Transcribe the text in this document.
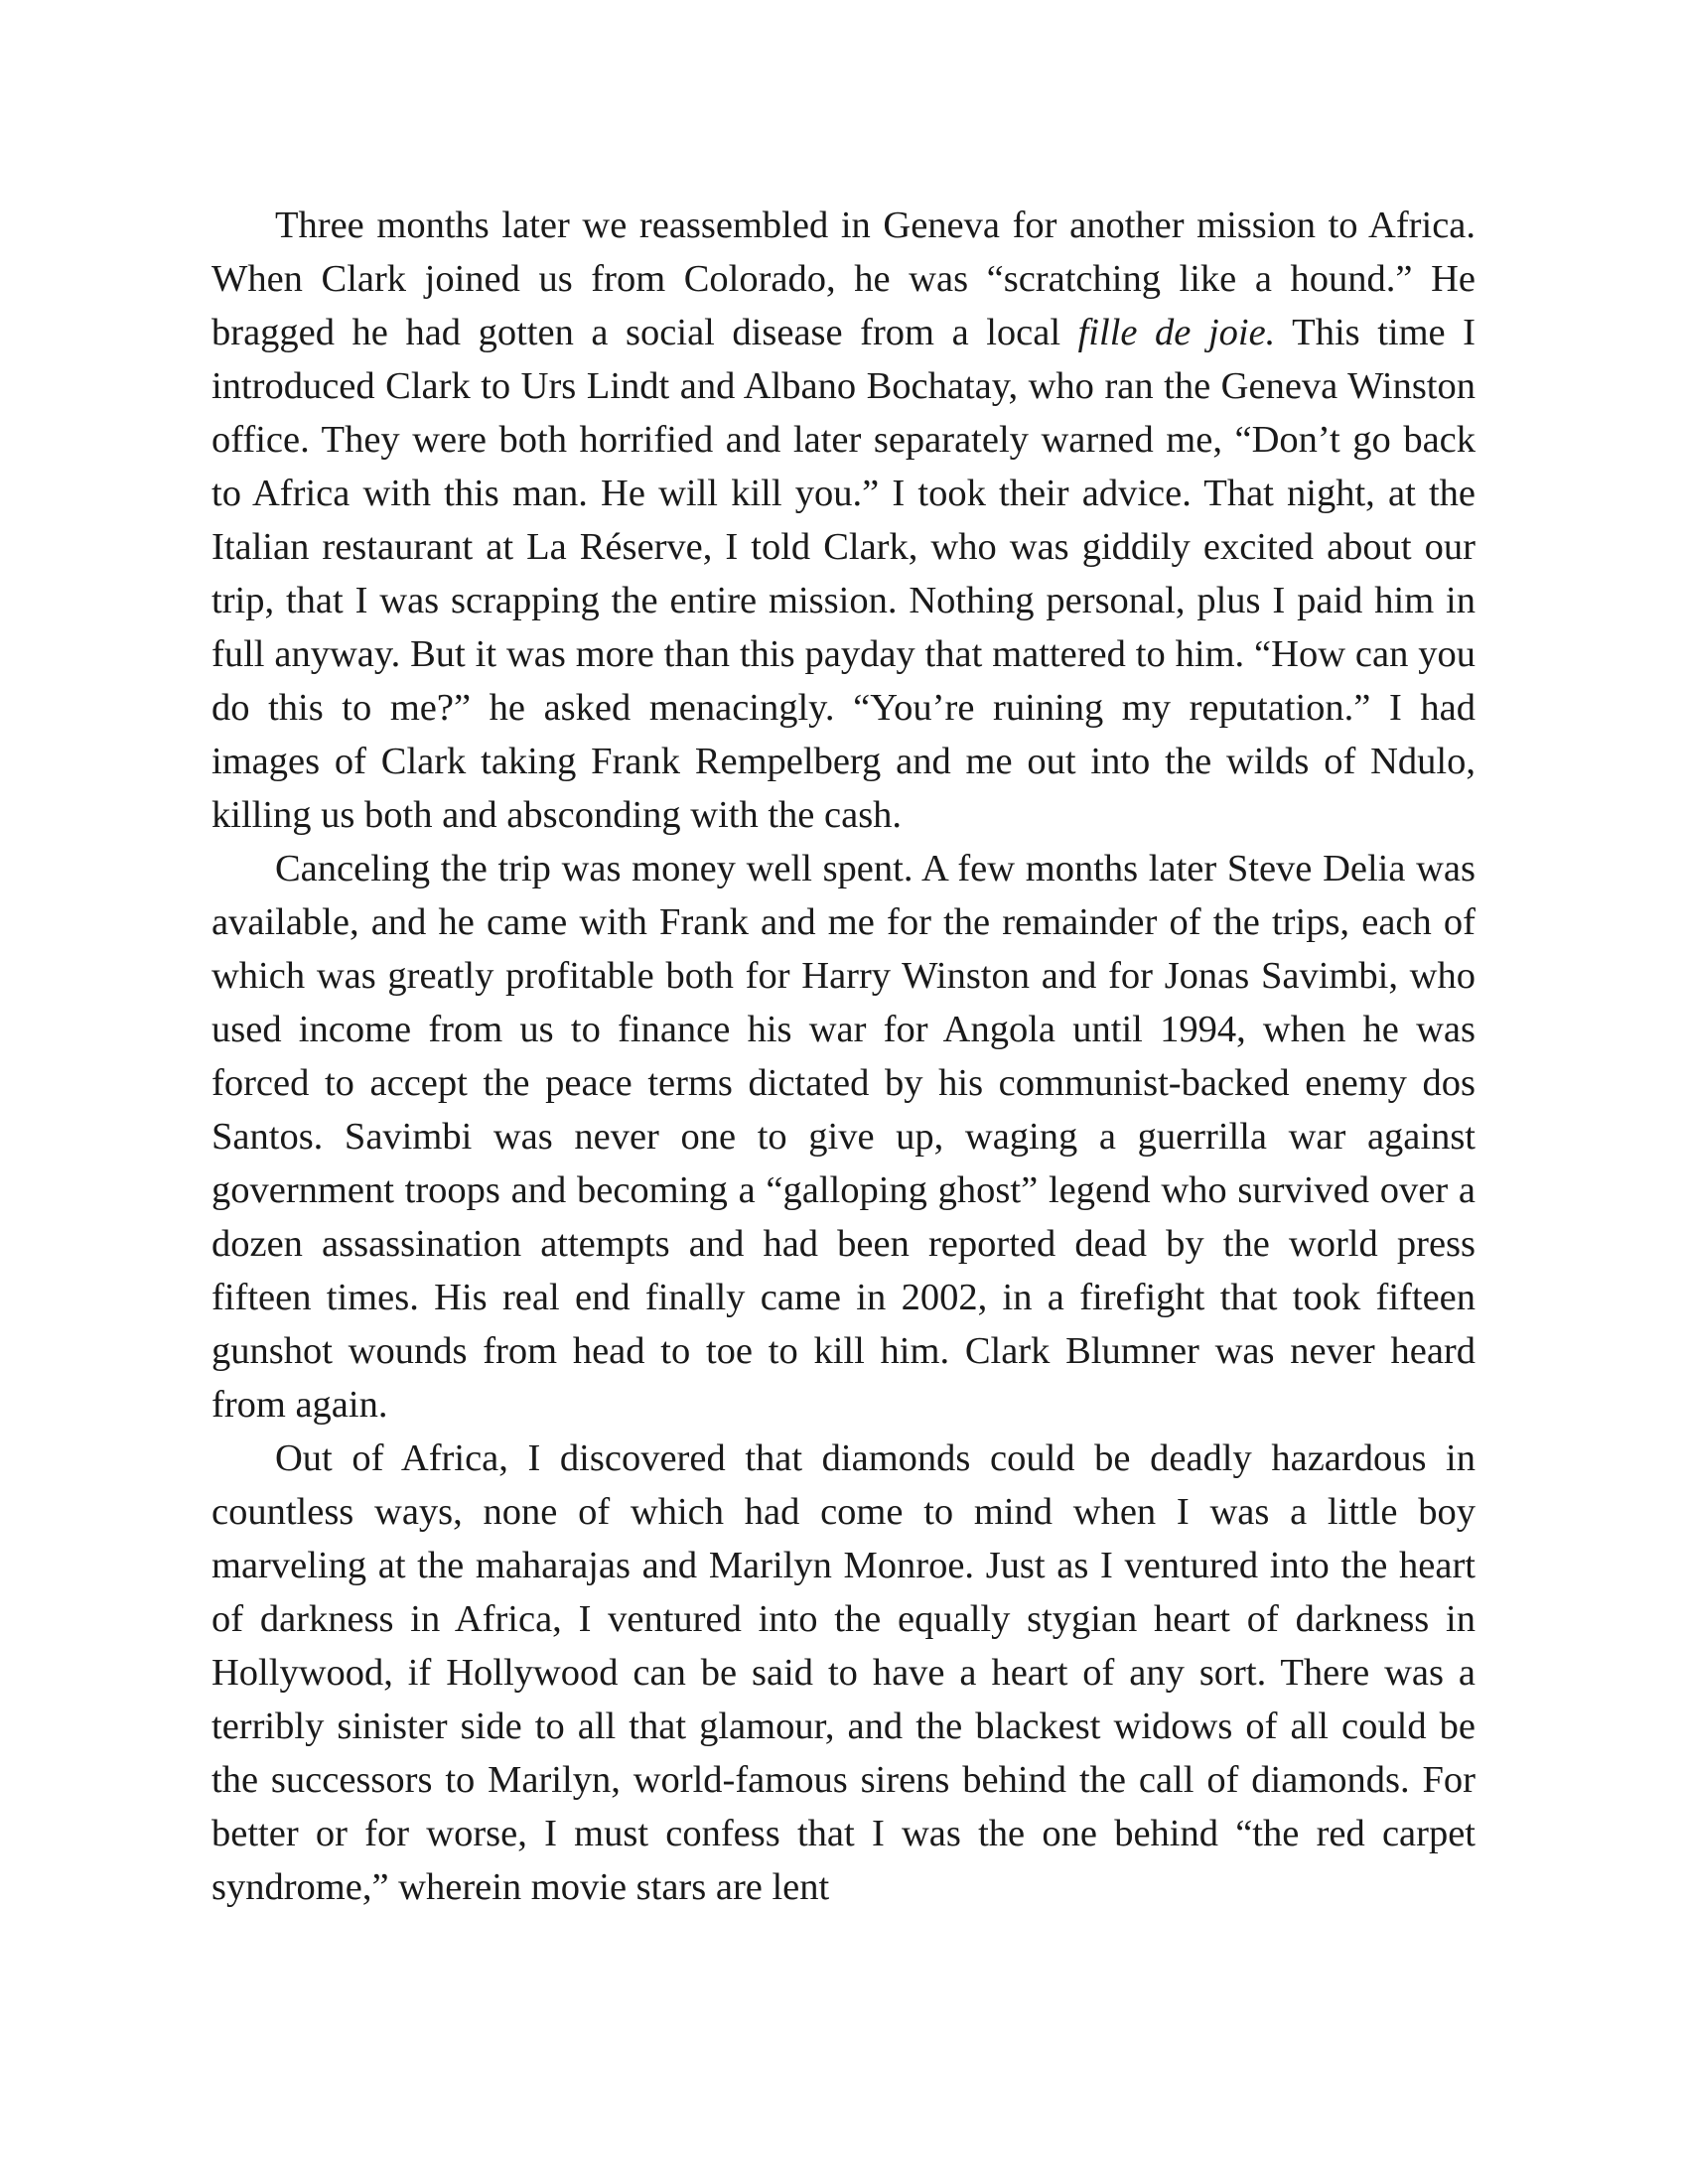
Three months later we reassembled in Geneva for another mission to Africa. When Clark joined us from Colorado, he was “scratching like a hound.” He bragged he had gotten a social disease from a local fille de joie. This time I introduced Clark to Urs Lindt and Albano Bochatay, who ran the Geneva Winston office. They were both horrified and later separately warned me, “Don’t go back to Africa with this man. He will kill you.” I took their advice. That night, at the Italian restaurant at La Réserve, I told Clark, who was giddily excited about our trip, that I was scrapping the entire mission. Nothing personal, plus I paid him in full anyway. But it was more than this payday that mattered to him. “How can you do this to me?” he asked menacingly. “You’re ruining my reputation.” I had images of Clark taking Frank Rempelberg and me out into the wilds of Ndulo, killing us both and absconding with the cash.

Canceling the trip was money well spent. A few months later Steve Delia was available, and he came with Frank and me for the remainder of the trips, each of which was greatly profitable both for Harry Winston and for Jonas Savimbi, who used income from us to finance his war for Angola until 1994, when he was forced to accept the peace terms dictated by his communist-backed enemy dos Santos. Savimbi was never one to give up, waging a guerrilla war against government troops and becoming a “galloping ghost” legend who survived over a dozen assassination attempts and had been reported dead by the world press fifteen times. His real end finally came in 2002, in a firefight that took fifteen gunshot wounds from head to toe to kill him. Clark Blumner was never heard from again.

Out of Africa, I discovered that diamonds could be deadly hazardous in countless ways, none of which had come to mind when I was a little boy marveling at the maharajas and Marilyn Monroe. Just as I ventured into the heart of darkness in Africa, I ventured into the equally stygian heart of darkness in Hollywood, if Hollywood can be said to have a heart of any sort. There was a terribly sinister side to all that glamour, and the blackest widows of all could be the successors to Marilyn, world-famous sirens behind the call of diamonds. For better or for worse, I must confess that I was the one behind “the red carpet syndrome,” wherein movie stars are lent
